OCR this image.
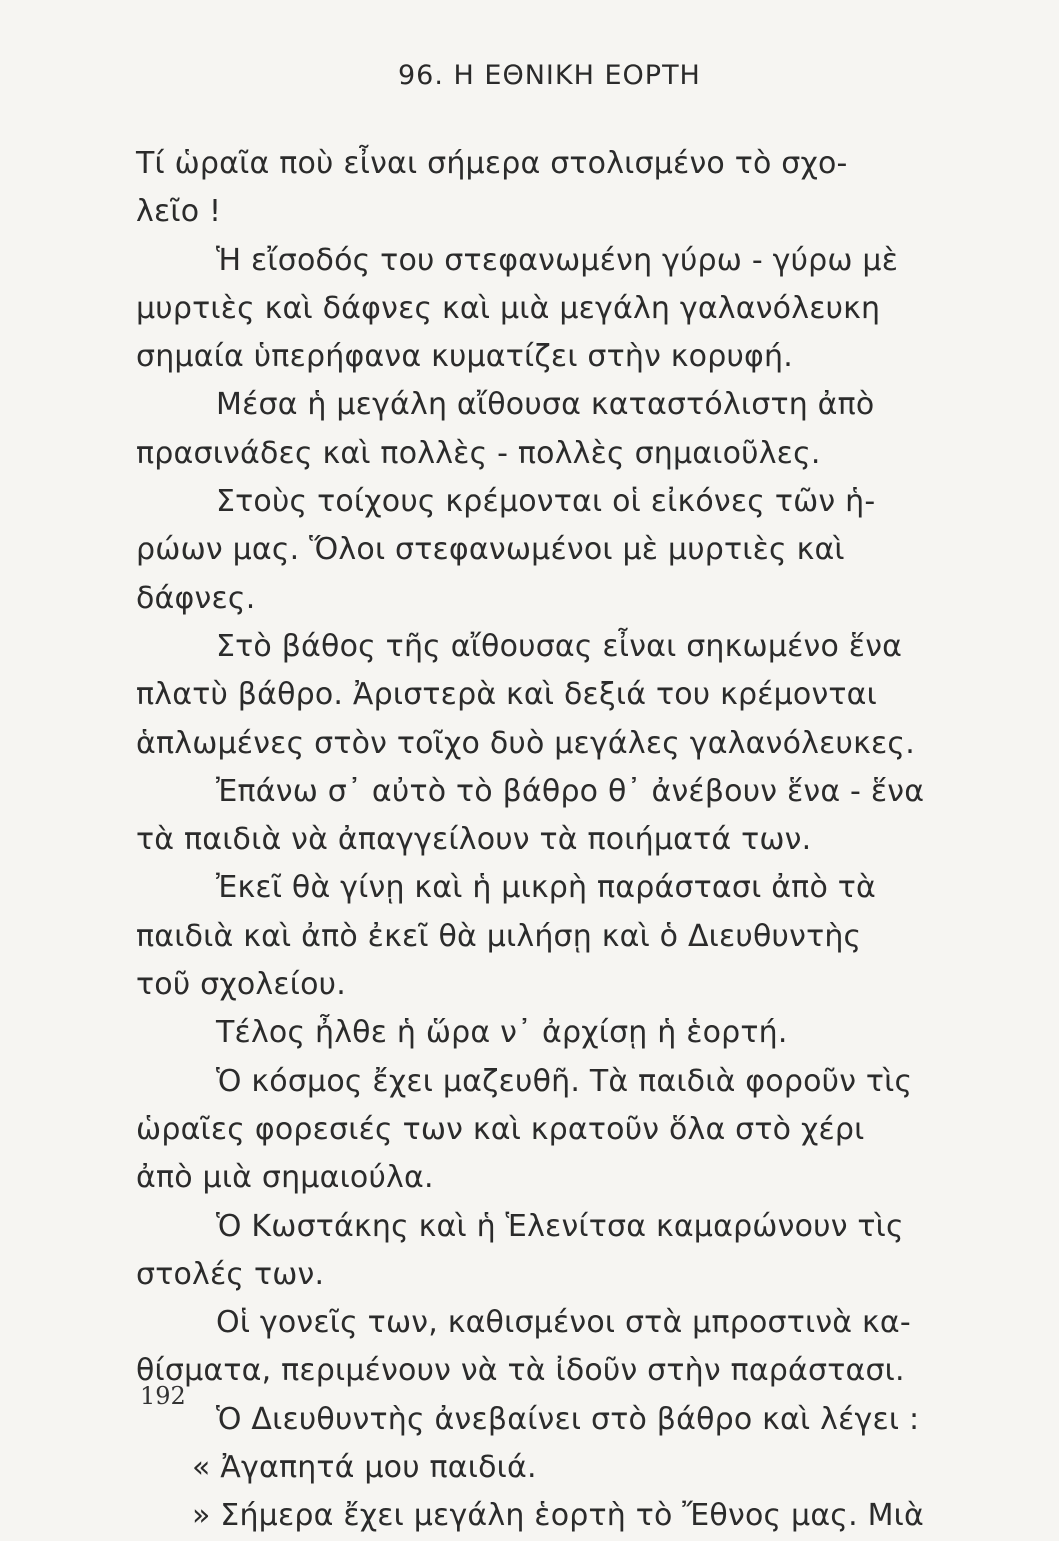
96. Η ΕΘΝΙΚΗ ΕΟΡΤΗ
Τί ὡραῖα ποὺ εἶναι σήμερα στολισμένο τὸ σχο-
λεῖο !
Ἡ εἴσοδός του στεφανωμένη γύρω - γύρω μὲ
μυρτιὲς καὶ δάφνες καὶ μιὰ μεγάλη γαλανόλευκη
σημαία ὑπερήφανα κυματίζει στὴν κορυφή.
Μέσα ἡ μεγάλη αἴθουσα καταστόλιστη ἀπὸ
πρασινάδες καὶ πολλὲς - πολλὲς σημαιοῦλες.
Στοὺς τοίχους κρέμονται οἱ εἰκόνες τῶν ἡ-
ρώων μας. Ὅλοι στεφανωμένοι μὲ μυρτιὲς καὶ
δάφνες.
Στὸ βάθος τῆς αἴθουσας εἶναι σηκωμένο ἕνα
πλατὺ βάθρο. Ἀριστερὰ καὶ δεξιά του κρέμονται
ἁπλωμένες στὸν τοῖχο δυὸ μεγάλες γαλανόλευκες.
Ἐπάνω σ᾿ αὐτὸ τὸ βάθρο θ᾿ ἀνέβουν ἕνα - ἕνα
τὰ παιδιὰ νὰ ἀπαγγείλουν τὰ ποιήματά των.
Ἐκεῖ θὰ γίνῃ καὶ ἡ μικρὴ παράστασι ἀπὸ τὰ
παιδιὰ καὶ ἀπὸ ἐκεῖ θὰ μιλήσῃ καὶ ὁ Διευθυντὴς
τοῦ σχολείου.
Τέλος ἦλθε ἡ ὥρα ν᾿ ἀρχίσῃ ἡ ἑορτή.
Ὁ κόσμος ἔχει μαζευθῆ. Τὰ παιδιὰ φοροῦν τὶς
ὡραῖες φορεσιές των καὶ κρατοῦν ὅλα στὸ χέρι
ἀπὸ μιὰ σημαιούλα.
Ὁ Κωστάκης καὶ ἡ Ἑλενίτσα καμαρώνουν τὶς
στολές των.
Οἱ γονεῖς των, καθισμένοι στὰ μπροστινὰ κα-
θίσματα, περιμένουν νὰ τὰ ἰδοῦν στὴν παράστασι.
Ὁ Διευθυντὴς ἀνεβαίνει στὸ βάθρο καὶ λέγει :
« Ἀγαπητά μου παιδιά.
» Σήμερα ἔχει μεγάλη ἑορτὴ τὸ Ἔθνος μας. Μιὰ
192
